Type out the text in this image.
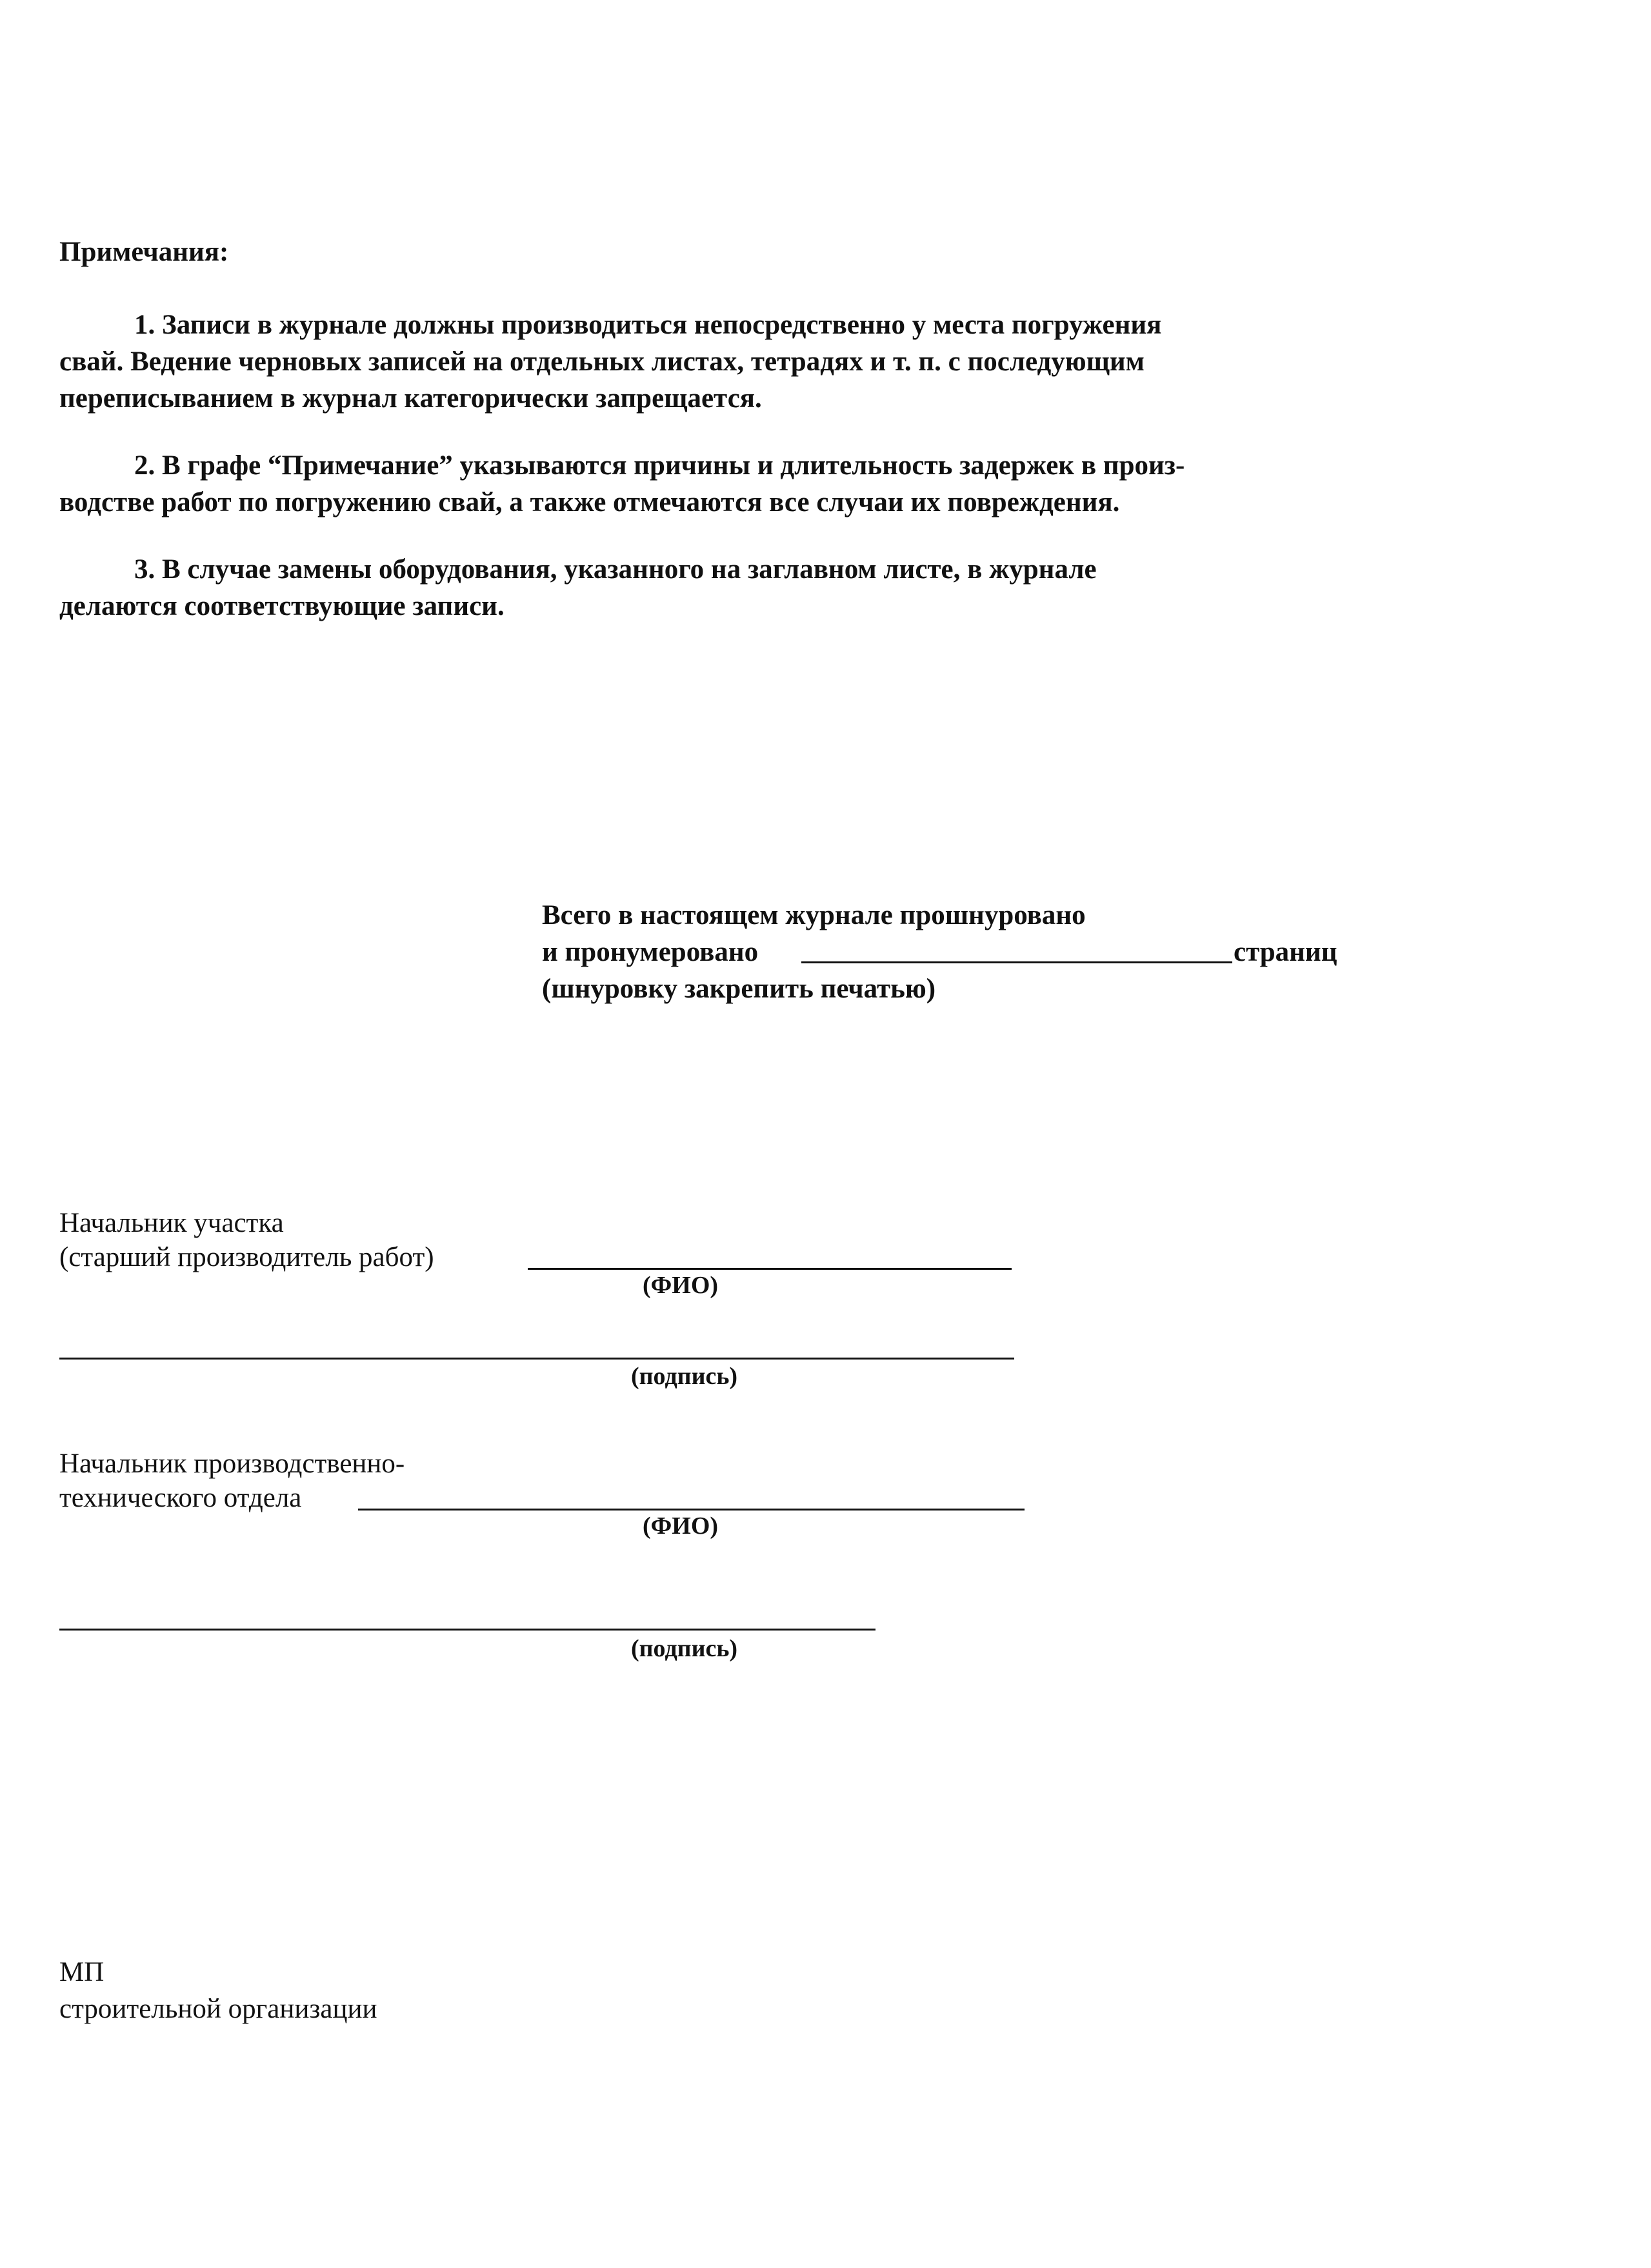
Примечания:
1. Записи в журнале должны производиться непосредственно у места погружения
свай. Ведение черновых записей на отдельных листах, тетрадях и т. п. с последующим
переписыванием в журнал категорически запрещается.
2. В графе “Примечание” указываются причины и длительность задержек в произ-
водстве работ по погружению свай, а также отмечаются все случаи их повреждения.
3. В случае замены оборудования, указанного на заглавном листе, в журнале
делаются соответствующие записи.
Всего в настоящем журнале прошнуровано
и пронумеровано	страниц
(шнуровку закрепить печатью)
Начальник участка
(старший производитель работ)
(ФИО)
(подпись)
Начальник производственно-
технического отдела
(ФИО)
(подпись)
МП
строительной организации
